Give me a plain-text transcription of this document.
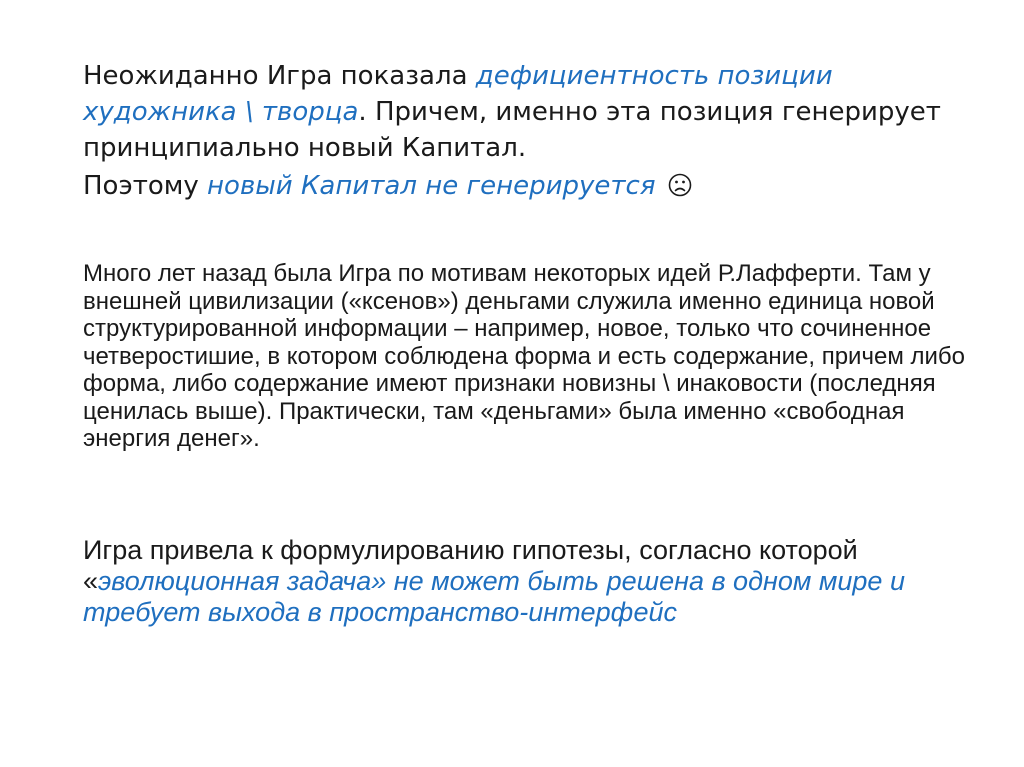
Неожиданно Игра показала дефициентность позиции художника \ творца. Причем, именно эта позиция генерирует принципиально новый Капитал.
Поэтому новый Капитал не генерируется
Много лет назад была Игра по мотивам некоторых идей Р.Лафферти. Там у внешней цивилизации («ксенов») деньгами служила именно единица новой структурированной информации – например, новое, только что сочиненное четверостишие, в котором соблюдена форма и есть содержание, причем либо форма, либо содержание имеют признаки новизны \ инаковости (последняя ценилась выше). Практически, там «деньгами» была именно «свободная энергия денег».
Игра привела к формулированию гипотезы, согласно которой «эволюционная задача» не может быть решена в одном мире и требует выхода в пространство-интерфейс
